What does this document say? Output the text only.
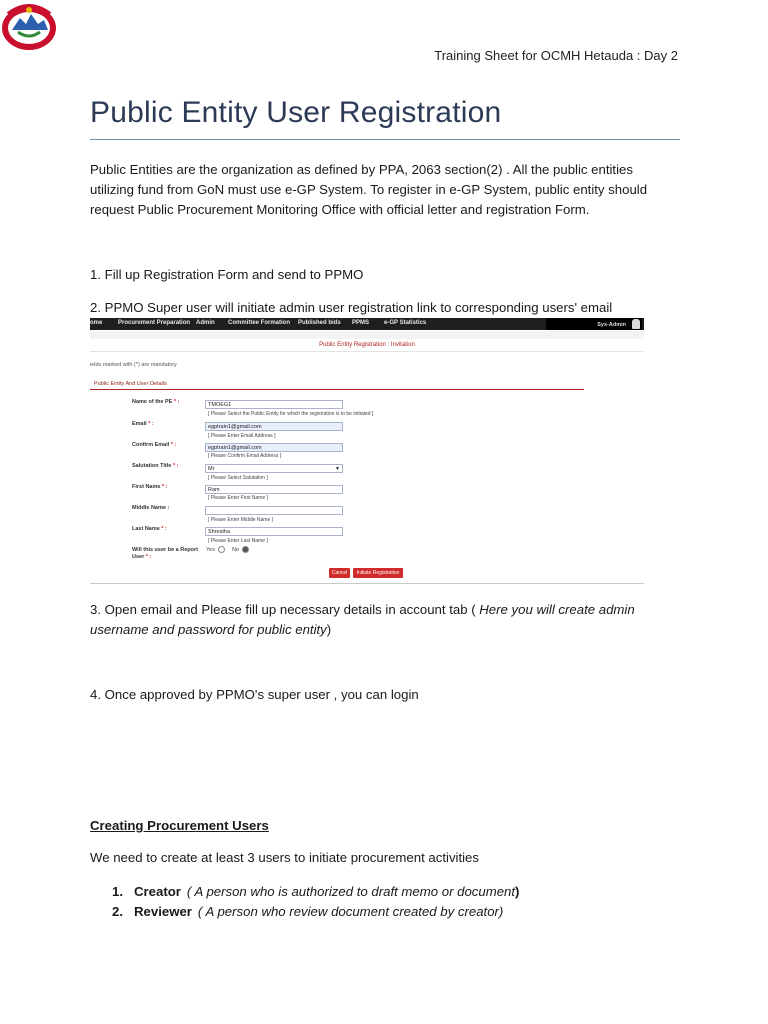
Training Sheet for OCMH Hetauda : Day 2
Public Entity User Registration
Public Entities are the organization as defined by PPA, 2063 section(2) . All the public entities utilizing fund from GoN must use e-GP System. To register in e-GP System, public entity should request Public Procurement Monitoring Office with official letter and registration Form.
1. Fill up Registration Form and send to PPMO
2. PPMO Super user will initiate admin user registration link to corresponding users' email
ome	Procurement Preparation Admin Committee Formation Published bids PPMS e-GP Statistics	Sys-Admin
Public Entity Registration : Invitation
ields marked with (*) are mandatory
Public Entity And User Details
Name of the PE * :	TMOEG1
[ Please Select the Public Entity for which the registration is to be initiated ]
Email * :	egptrain1@gmail.com
[ Please Enter Email Address ]
Confirm Email * :	egptrain1@gmail.com
[ Please Confirm Email Address ]
Salutation Title * :	Mr	▼
[ Please Select Salutation ]
First Name * :	Ram
[ Please Enter First Name ]
Middle Name :
[ Please Enter Middle Name ]
Last Name * :	Shrestha
[ Please Enter Last Name ]
Will this user be a Report
User * :
Yes	No
Cancel	Initiate Registration
3. Open email and Please fill up necessary details in account tab ( Here you will create admin username and password for public entity)
4. Once approved by PPMO's super user , you can login
Creating Procurement Users
We need to create at least 3 users to initiate procurement activities
1. Creator ( A person who is authorized to draft memo or document)
2. Reviewer ( A person who review document created by creator)
